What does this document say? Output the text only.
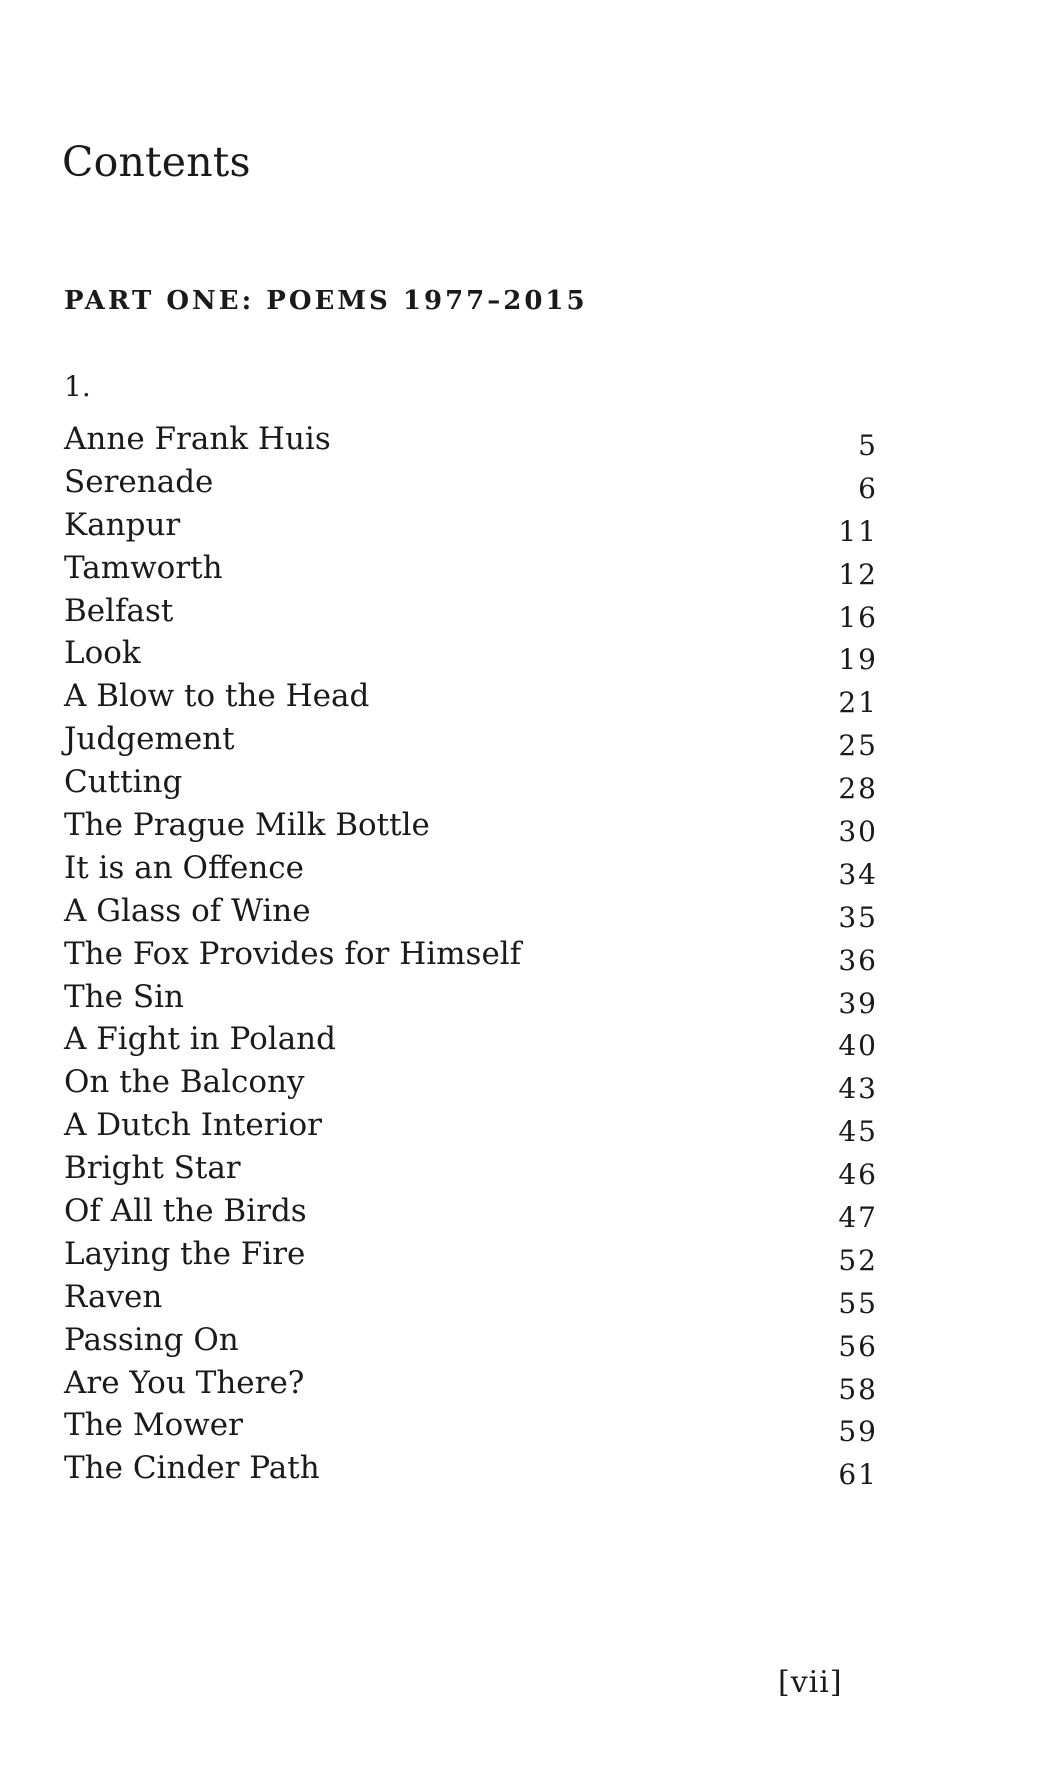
Contents
PART ONE: POEMS 1977–2015

1.

Anne Frank Huis	5
Serenade	6
Kanpur	11
Tamworth	12
Belfast	16
Look	19
A Blow to the Head	21
Judgement	25
Cutting	28
The Prague Milk Bottle	30
It is an Offence	34
A Glass of Wine	35
The Fox Provides for Himself	36
The Sin	39
A Fight in Poland	40
On the Balcony	43
A Dutch Interior	45
Bright Star	46
Of All the Birds	47
Laying the Fire	52
Raven	55
Passing On	56
Are You There?	58
The Mower	59
The Cinder Path	61

[vii]
